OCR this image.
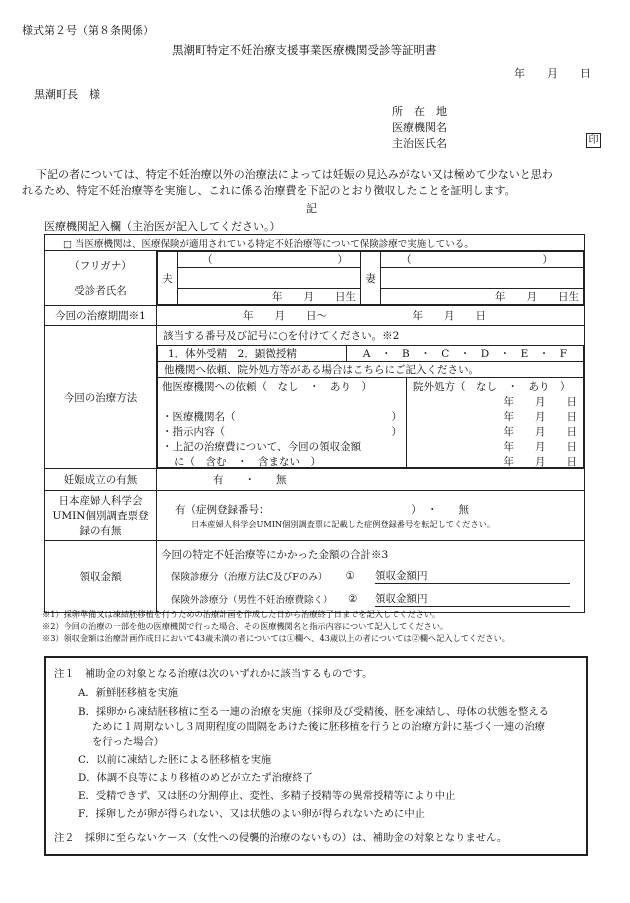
様式第２号（第８条関係）
黒潮町特定不妊治療支援事業医療機関受診等証明書
年　　月　　日
黒潮町長　様
所　在　地
医療機関名
主治医氏名	印
下記の者については、特定不妊治療以外の治療法によっては妊娠の見込みがない又は極めて少ないと思わ
れるため、特定不妊治療等を実施し、これに係る治療費を下記のとおり徴収したことを証明します。
記
医療機関記入欄（主治医が記入してください。）
□ 当医療機関は、医療保険が適用されている特定不妊治療等について保険診療で実施している。

（フリガナ）
受診者氏名

夫	
（	）
	妻	
（	）

年　　月　　日生	年　　月　　日生

今回の治療期間※1	年　　月　　日～	年　　月　　日

今回の治療方法	
該当する番号及び記号に○を付けてください。※2
1．体外受精　2．顕微授精	A　・　B　・　C　・　D　・　E　・　F
他機関へ依頼、院外処方等がある場合はこちらにご記入ください。

他医療機関への依頼（　なし　・　あり　）
・医療機関名（	）
・指示内容（	）
・上記の治療費について、今回の領収金額
に（　含む　・　含まない　）
院外処方（　なし　・　あり　）
年　　月　　日
年　　月　　日
年　　月　　日
年　　月　　日
年　　月　　日

妊娠成立の有無	有　　・　　無

日本産婦人科学会
UMIN個別調査票登
録の有無

有（症例登録番号：　　　　　　　　　　　　　　）　・　　無
日本産婦人科学会UMIN個別調査票に記載した症例登録番号を転記してください。

領収金額	
今回の特定不妊治療等にかかった金額の合計※3
保険診療分（治療方法C及びFのみ） ① 領収金額円
保険外診療分（男性不妊治療費除く） ② 領収金額円
※1）採卵準備又は凍結胚移植を行うための治療計画を作成した日から治療終了日までを記入してください。
※2）今回の治療の一部を他の医療機関で行った場合、その医療機関名と指示内容について記入してください。
※3）領収金額は治療計画作成日において43歳未満の者については①欄へ、43歳以上の者については②欄へ記入してください。
注１　補助金の対象となる治療は次のいずれかに該当するものです。
A．新鮮胚移植を実施
B．採卵から凍結胚移植に至る一連の治療を実施（採卵及び受精後、胚を凍結し、母体の状態を整える
ために１周期ないし３周期程度の間隔をあけた後に胚移植を行うとの治療方針に基づく一連の治療
を行った場合）
C．以前に凍結した胚による胚移植を実施
D．体調不良等により移植のめどが立たず治療終了
E．受精できず、又は胚の分割停止、変性、多精子授精等の異常授精等により中止
F．採卵したが卵が得られない、又は状態のよい卵が得られないために中止
注２　採卵に至らないケース（女性への侵襲的治療のないもの）は、補助金の対象となりません。
